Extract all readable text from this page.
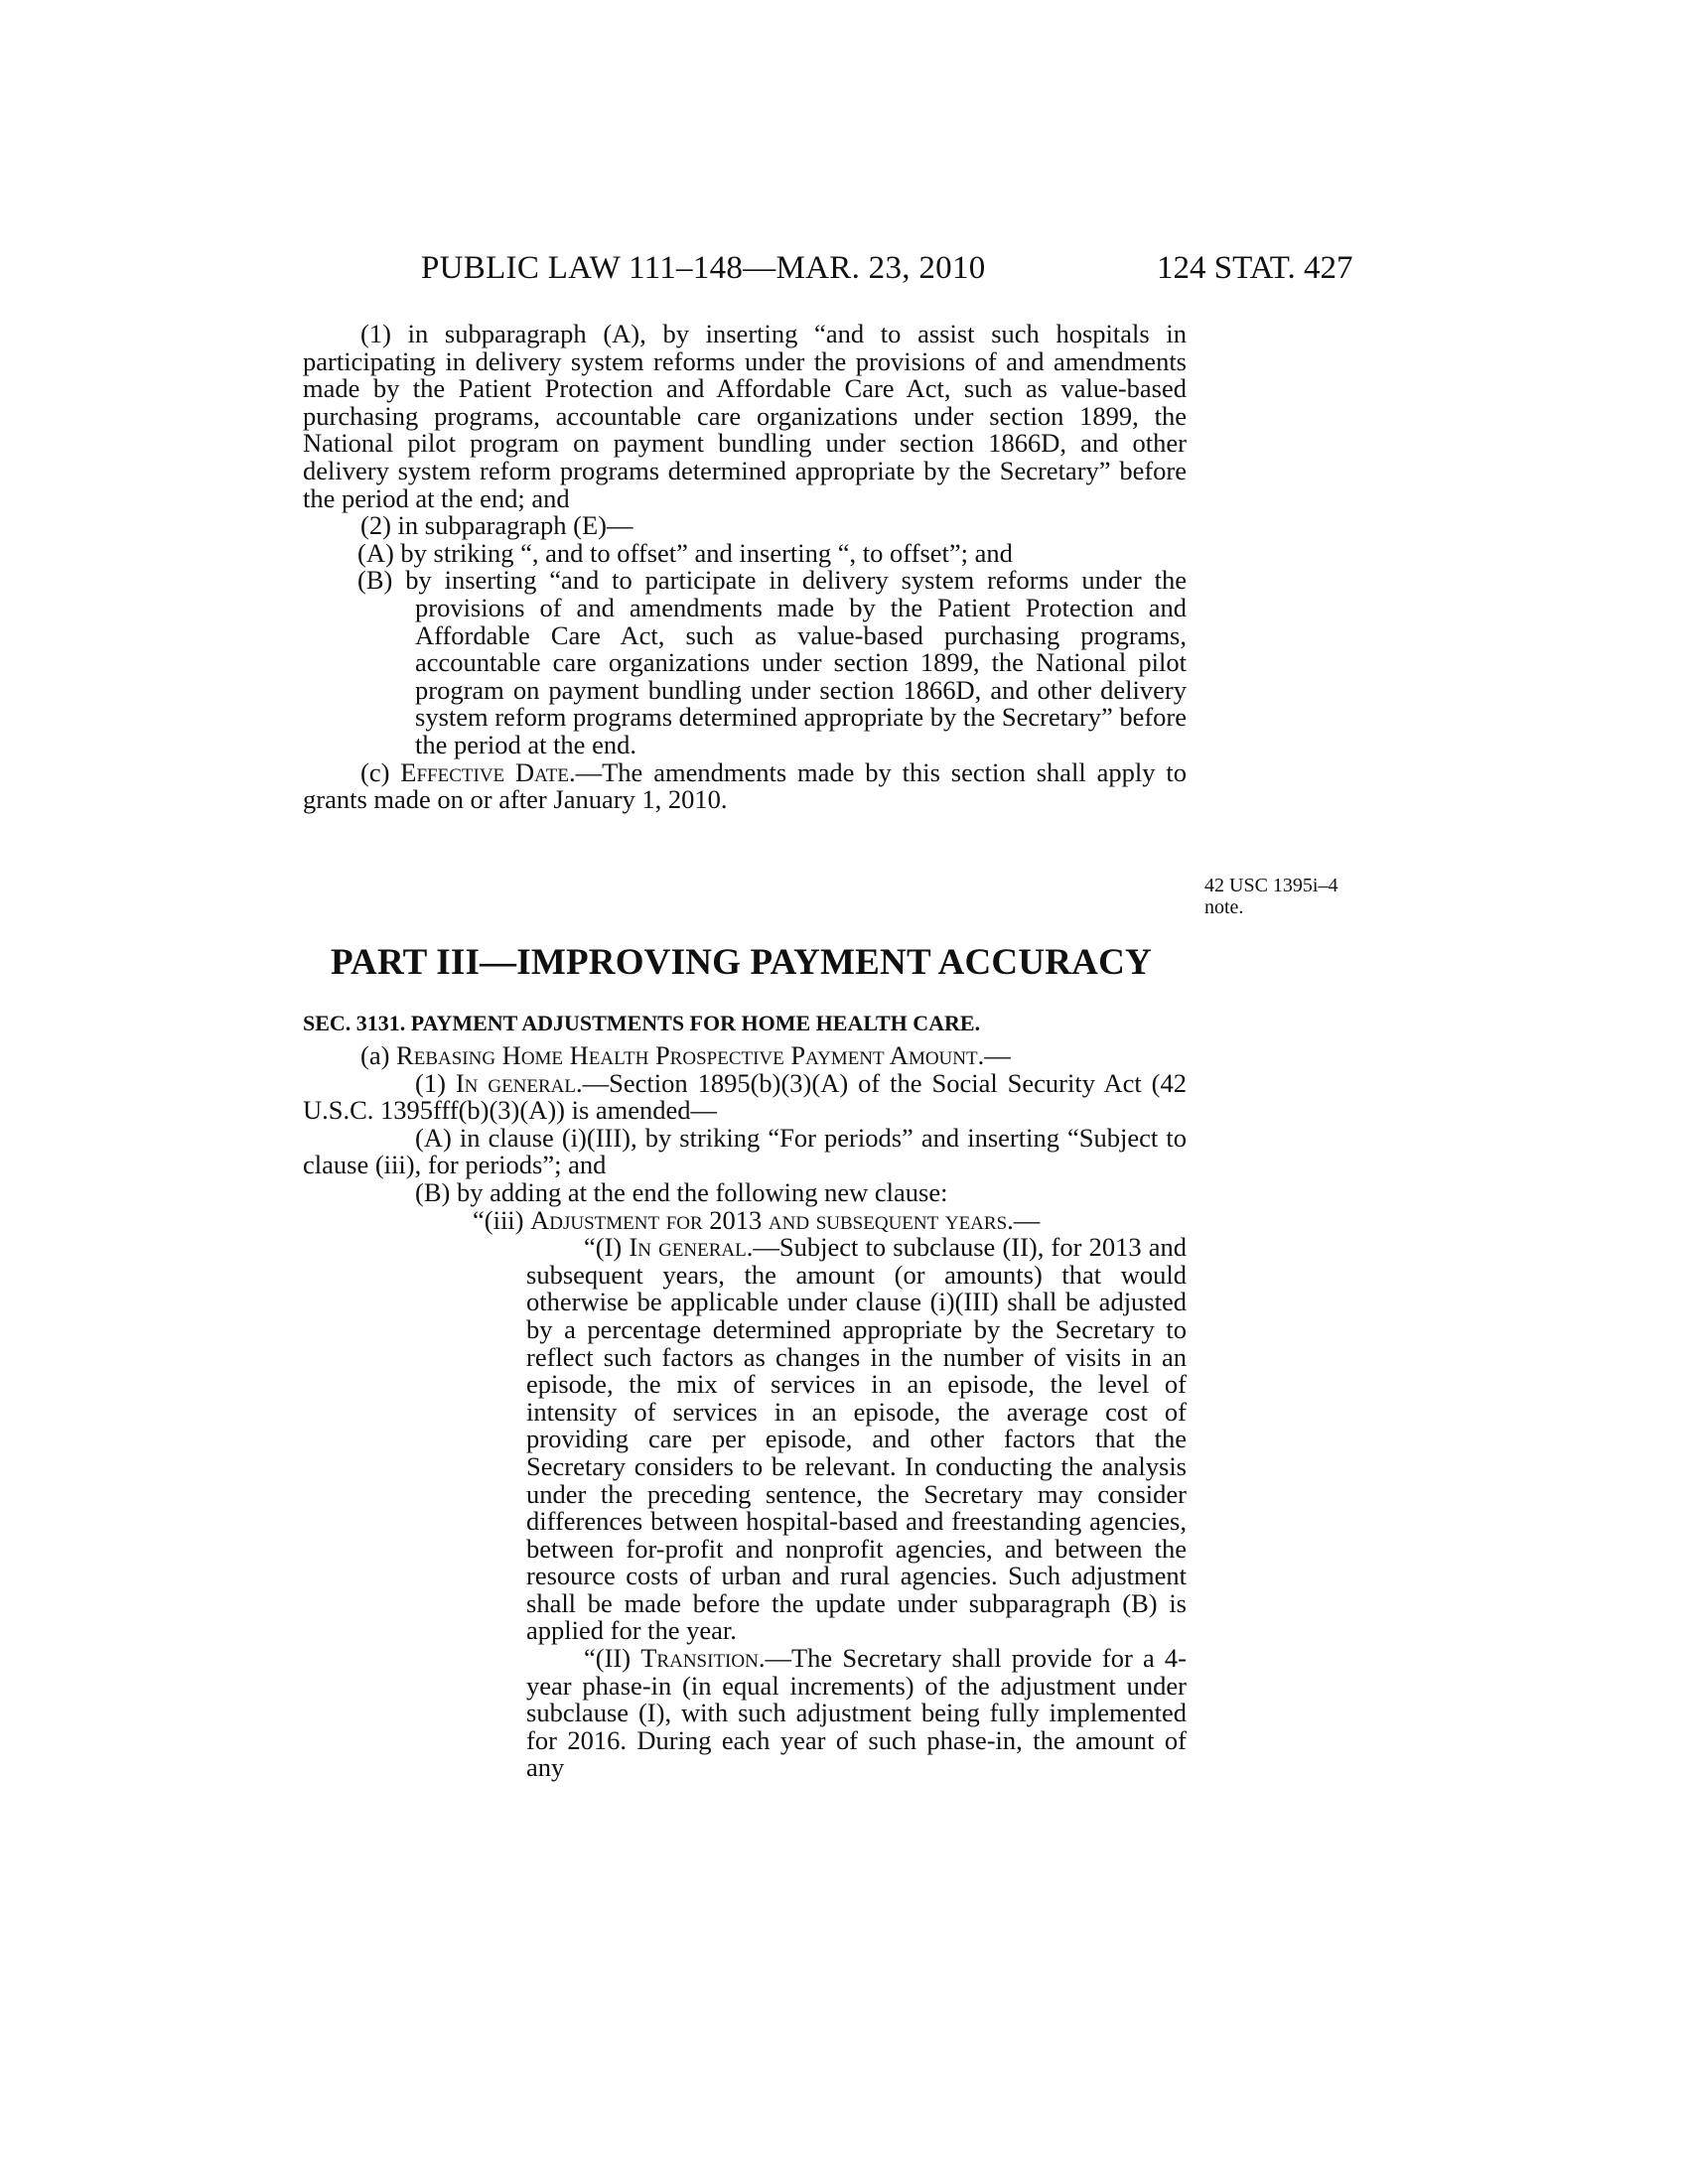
PUBLIC LAW 111–148—MAR. 23, 2010	124 STAT. 427

(1) in subparagraph (A), by inserting “and to assist such hospitals in participating in delivery system reforms under the provisions of and amendments made by the Patient Protection and Affordable Care Act, such as value-based purchasing programs, accountable care organizations under section 1899, the National pilot program on payment bundling under section 1866D, and other delivery system reform programs determined appropriate by the Secretary” before the period at the end; and

(2) in subparagraph (E)—

(A) by striking “, and to offset” and inserting “, to offset”; and

(B) by inserting “and to participate in delivery system reforms under the provisions of and amendments made by the Patient Protection and Affordable Care Act, such as value-based purchasing programs, accountable care organizations under section 1899, the National pilot program on payment bundling under section 1866D, and other delivery system reform programs determined appropriate by the Secretary” before the period at the end.

(c) Effective Date.—The amendments made by this section shall apply to grants made on or after January 1, 2010.

42 USC 1395i–4
note.
PART III—IMPROVING PAYMENT ACCURACY
SEC. 3131. PAYMENT ADJUSTMENTS FOR HOME HEALTH CARE.

(a) Rebasing Home Health Prospective Payment Amount.—

(1) In general.—Section 1895(b)(3)(A) of the Social Security Act (42 U.S.C. 1395fff(b)(3)(A)) is amended—

(A) in clause (i)(III), by striking “For periods” and inserting “Subject to clause (iii), for periods”; and

(B) by adding at the end the following new clause:

“(iii) Adjustment for 2013 and subsequent years.—

“(I) In general.—Subject to subclause (II), for 2013 and subsequent years, the amount (or amounts) that would otherwise be applicable under clause (i)(III) shall be adjusted by a percentage determined appropriate by the Secretary to reflect such factors as changes in the number of visits in an episode, the mix of services in an episode, the level of intensity of services in an episode, the average cost of providing care per episode, and other factors that the Secretary considers to be relevant. In conducting the analysis under the preceding sentence, the Secretary may consider differences between hospital-based and freestanding agencies, between for-profit and nonprofit agencies, and between the resource costs of urban and rural agencies. Such adjustment shall be made before the update under subparagraph (B) is applied for the year.

“(II) Transition.—The Secretary shall provide for a 4-year phase-in (in equal increments) of the adjustment under subclause (I), with such adjustment being fully implemented for 2016. During each year of such phase-in, the amount of any
